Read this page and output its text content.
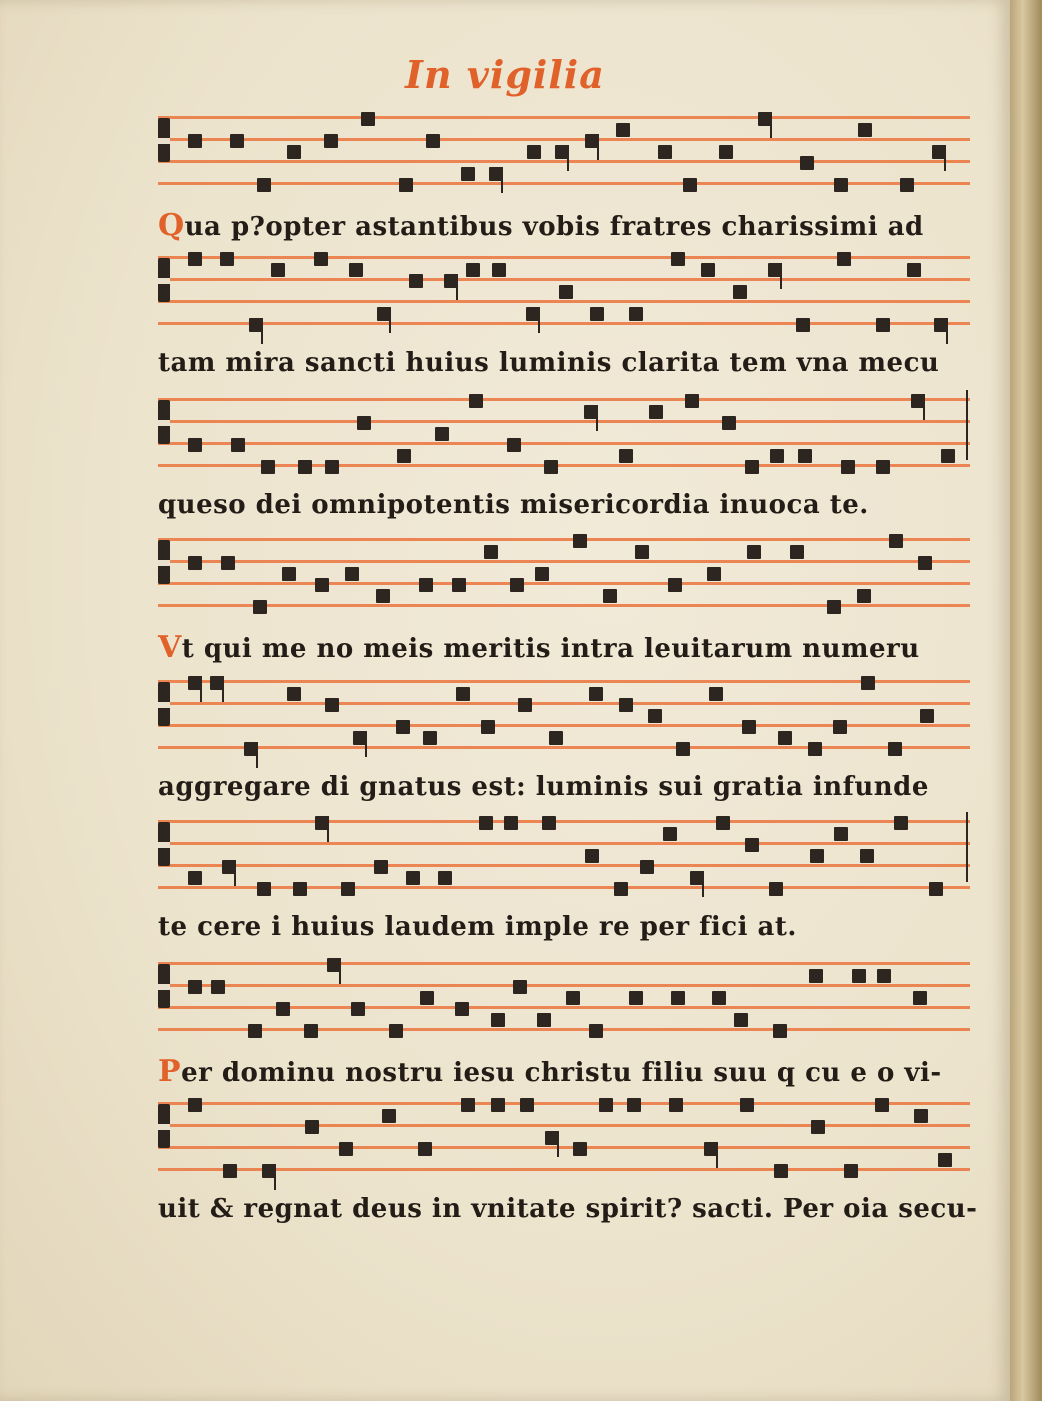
In vigilia
Qua p?opter astantibus vobis fratres charissimi ad
tam mira sancti huius luminis clarita tem vna mecu
queso dei omnipotentis misericordia inuoca te.
Vt qui me no meis meritis intra leuitarum numeru
aggregare di gnatus est: luminis sui gratia infunde
te cere i huius laudem imple re per fici at.
Per dominu nostru iesu christu filiu suu q cu e o vi-
uit & regnat deus in vnitate spirit? sacti. Per oia secu-
